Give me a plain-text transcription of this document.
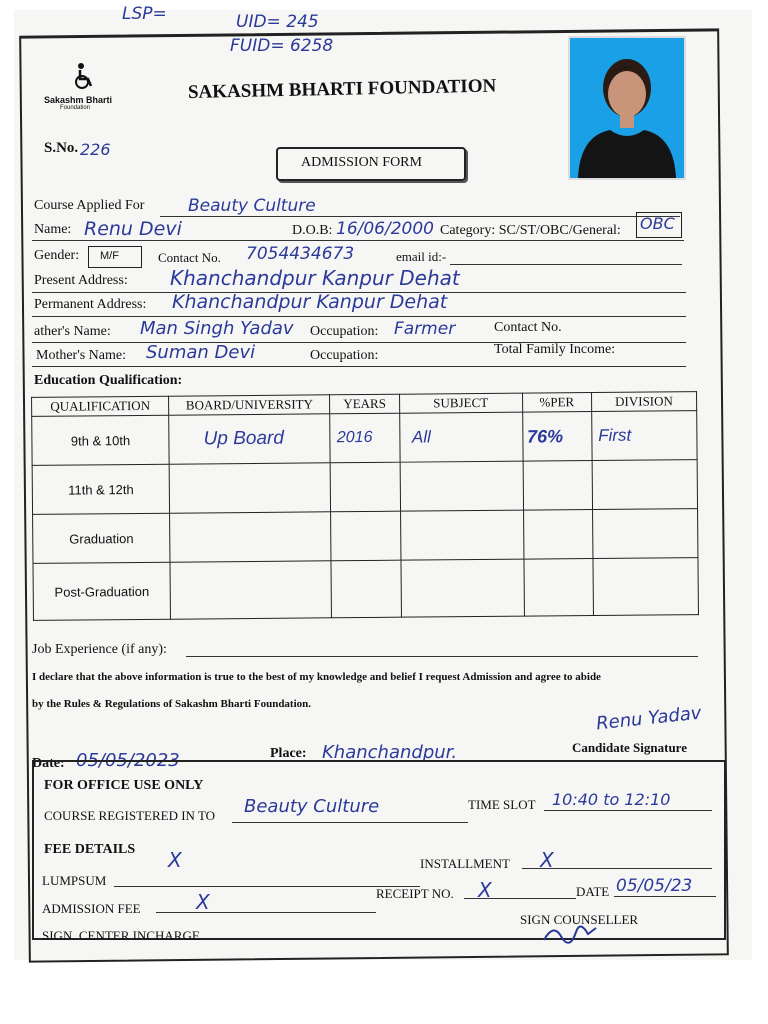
LSP=	UID= 245
FUID= 6258
Sakashm Bharti
Foundation
SAKASHM BHARTI FOUNDATION
S.No. 226
ADMISSION FORM
Course Applied For	Beauty Culture
Name: Renu Devi	D.O.B: 16/06/2000 Category: SC/ST/OBC/General: OBC
Gender: M/F	Contact No. 7054434673	email id:-
Present Address: Khanchandpur Kanpur Dehat
Permanent Address: Khanchandpur Kanpur Dehat
ather's Name: Man Singh Yadav Occupation: Farmer	Contact No.
Mother's Name: Suman Devi	Occupation:	Total Family Income:
Education Qualification:
QUALIFICATION	BOARD/UNIVERSITY	YEARS	SUBJECT	%PER	DIVISION
9th & 10th	Up Board	2016	All	76%	First
11th & 12th					
Graduation					
Post-Graduation					
Job Experience (if any):
I declare that the above information is true to the best of my knowledge and belief I request Admission and agree to abide
by the Rules & Regulations of Sakashm Bharti Foundation.	Renu Yadav
Candidate Signature
Date: 05/05/2023	Place: Khanchandpur.
FOR OFFICE USE ONLY
COURSE REGISTERED IN TO Beauty Culture	TIME SLOT 10:40 to 12:10
FEE DETAILS X
LUMPSUM
INSTALLMENT X
ADMISSION FEE	X	RECEIPT NO. X	DATE 05/05/23
SIGN. CENTER INCHARGE
SIGN COUNSELLER
